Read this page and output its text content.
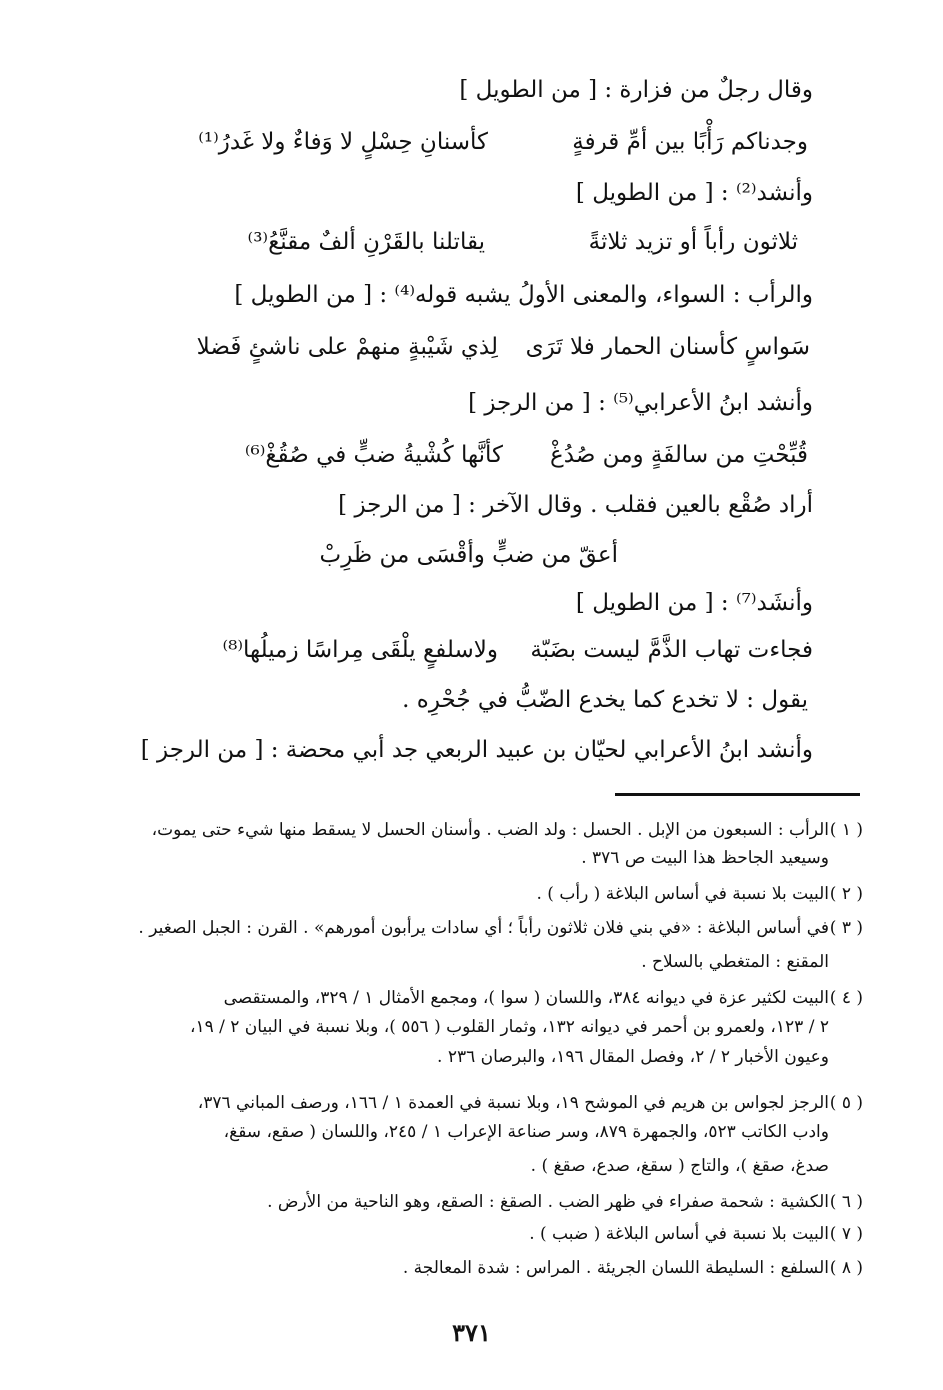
وقال رجلٌ من فزارة : [ من الطويل ]
وجدناكم رَأْبًا بين أمِّ قرفةٍ
كأسنانِ حِسْلٍ لا وَفاءٌ ولا غَدرُ⁽¹⁾
وأنشد⁽²⁾ : [ من الطويل ]
ثلاثون رأباً أو تزيد ثلاثةً
يقاتلنا بالقَرْنِ ألفٌ مقنَّعُ⁽³⁾
والرأب : السواء، والمعنى الأولُ يشبه قوله⁽⁴⁾ : [ من الطويل ]
سَواسٍ كأسنان الحمار فلا تَرَى
لِذي شَيْبةٍ منهمْ على ناشئٍ فَضلا
وأنشد ابنُ الأعرابي⁽⁵⁾ : [ من الرجز ]
قُبِّحْتِ من سالفَةٍ ومن صُدُغْ
كأنَّها كُشْيةُ ضبٍّ في صُقُغْ⁽⁶⁾
أراد صُقْع بالعين فقلب . وقال الآخر : [ من الرجز ]
أعقّ من ضبٍّ وأقْسَى من ظَرِبْ
وأنشَد⁽⁷⁾ : [ من الطويل ]
فجاءت تهاب الذَّمَّ ليست بضَبّة
ولاسلفعٍ يلْقَى مِراسًا زميلُها⁽⁸⁾
يقول : لا تخدع كما يخدع الضّبُّ في جُحْرِه .
وأنشد ابنُ الأعرابي لحيّان بن عبيد الربعي جد أبي محضة : [ من الرجز ]
( ١ )الرأب : السبعون من الإبل . الحسل : ولد الضب . وأسنان الحسل لا يسقط منها شيء حتى يموت،
وسيعيد الجاحظ هذا البيت ص ٣٧٦ .
( ٢ )البيت بلا نسبة في أساس البلاغة ( رأب ) .
( ٣ )في أساس البلاغة : «في بني فلان ثلاثون رأباً ؛ أي سادات يرأبون أمورهم» . القرن : الجبل الصغير .
المقنع : المتغطي بالسلاح .
( ٤ )البيت لكثير عزة في ديوانه ٣٨٤، واللسان ( سوا )، ومجمع الأمثال ١ / ٣٢٩، والمستقصى
٢ / ١٢٣، ولعمرو بن أحمر في ديوانه ١٣٢، وثمار القلوب ( ٥٥٦ )، وبلا نسبة في البيان ٢ / ١٩،
وعيون الأخبار ٢ / ٢، وفصل المقال ١٩٦، والبرصان ٢٣٦ .
( ٥ )الرجز لجواس بن هريم في الموشح ١٩، وبلا نسبة في العمدة ١ / ١٦٦، ورصف المباني ٣٧٦،
وادب الكاتب ٥٢٣، والجمهرة ٨٧٩، وسر صناعة الإعراب ١ / ٢٤٥، واللسان ( صقع، سقغ،
صدغ، صقغ )، والتاج ( سقغ، صدع، صقغ ) .
( ٦ )الكشية : شحمة صفراء في ظهر الضب . الصقغ : الصقع، وهو الناحية من الأرض .
( ٧ )البيت بلا نسبة في أساس البلاغة ( ضبب ) .
( ٨ )السلفع : السليطة اللسان الجريئة . المراس : شدة المعالجة .
٣٧١
